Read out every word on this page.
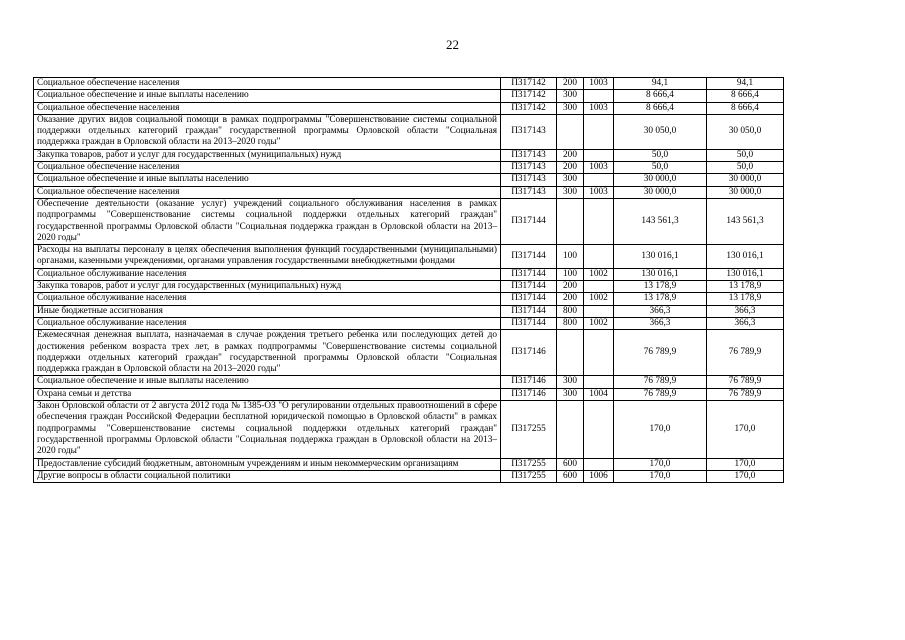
22
Социальное обеспечение населения	П317142	200	1003	94,1	94,1
Социальное обеспечение и иные выплаты населению	П317142	300		8 666,4	8 666,4
Социальное обеспечение населения	П317142	300	1003	8 666,4	8 666,4
Оказание других видов социальной помощи в рамках подпрограммы "Совершенствование системы социальной поддержки отдельных категорий граждан" государственной программы Орловской области "Социальная поддержка граждан в Орловской области на 2013–2020 годы"	П317143			30 050,0	30 050,0
Закупка товаров, работ и услуг для государственных (муниципальных) нужд	П317143	200		50,0	50,0
Социальное обеспечение населения	П317143	200	1003	50,0	50,0
Социальное обеспечение и иные выплаты населению	П317143	300		30 000,0	30 000,0
Социальное обеспечение населения	П317143	300	1003	30 000,0	30 000,0
Обеспечение деятельности (оказание услуг) учреждений социального обслуживания населения в рамках подпрограммы "Совершенствование системы социальной поддержки отдельных категорий граждан" государственной программы Орловской области "Социальная поддержка граждан в Орловской области на 2013–2020 годы"	П317144			143 561,3	143 561,3
Расходы на выплаты персоналу в целях обеспечения выполнения функций государственными (муниципальными) органами, казенными учреждениями, органами управления государственными внебюджетными фондами	П317144	100		130 016,1	130 016,1
Социальное обслуживание населения	П317144	100	1002	130 016,1	130 016,1
Закупка товаров, работ и услуг для государственных (муниципальных) нужд	П317144	200		13 178,9	13 178,9
Социальное обслуживание населения	П317144	200	1002	13 178,9	13 178,9
Иные бюджетные ассигнования	П317144	800		366,3	366,3
Социальное обслуживание населения	П317144	800	1002	366,3	366,3
Ежемесячная денежная выплата, назначаемая в случае рождения третьего ребенка или последующих детей до достижения ребенком возраста трех лет, в рамках подпрограммы "Совершенствование системы социальной поддержки отдельных категорий граждан" государственной программы Орловской области "Социальная поддержка граждан в Орловской области на 2013–2020 годы"	П317146			76 789,9	76 789,9
Социальное обеспечение и иные выплаты населению	П317146	300		76 789,9	76 789,9
Охрана семьи и детства	П317146	300	1004	76 789,9	76 789,9
Закон Орловской области от 2 августа 2012 года № 1385-ОЗ "О регулировании отдельных правоотношений в сфере обеспечения граждан Российской Федерации бесплатной юридической помощью в Орловской области" в рамках подпрограммы "Совершенствование системы социальной поддержки отдельных категорий граждан" государственной программы Орловской области "Социальная поддержка граждан в Орловской области на 2013–2020 годы"	П317255			170,0	170,0
Предоставление субсидий бюджетным, автономным учреждениям и иным некоммерческим организациям	П317255	600		170,0	170,0
Другие вопросы в области социальной политики	П317255	600	1006	170,0	170,0
